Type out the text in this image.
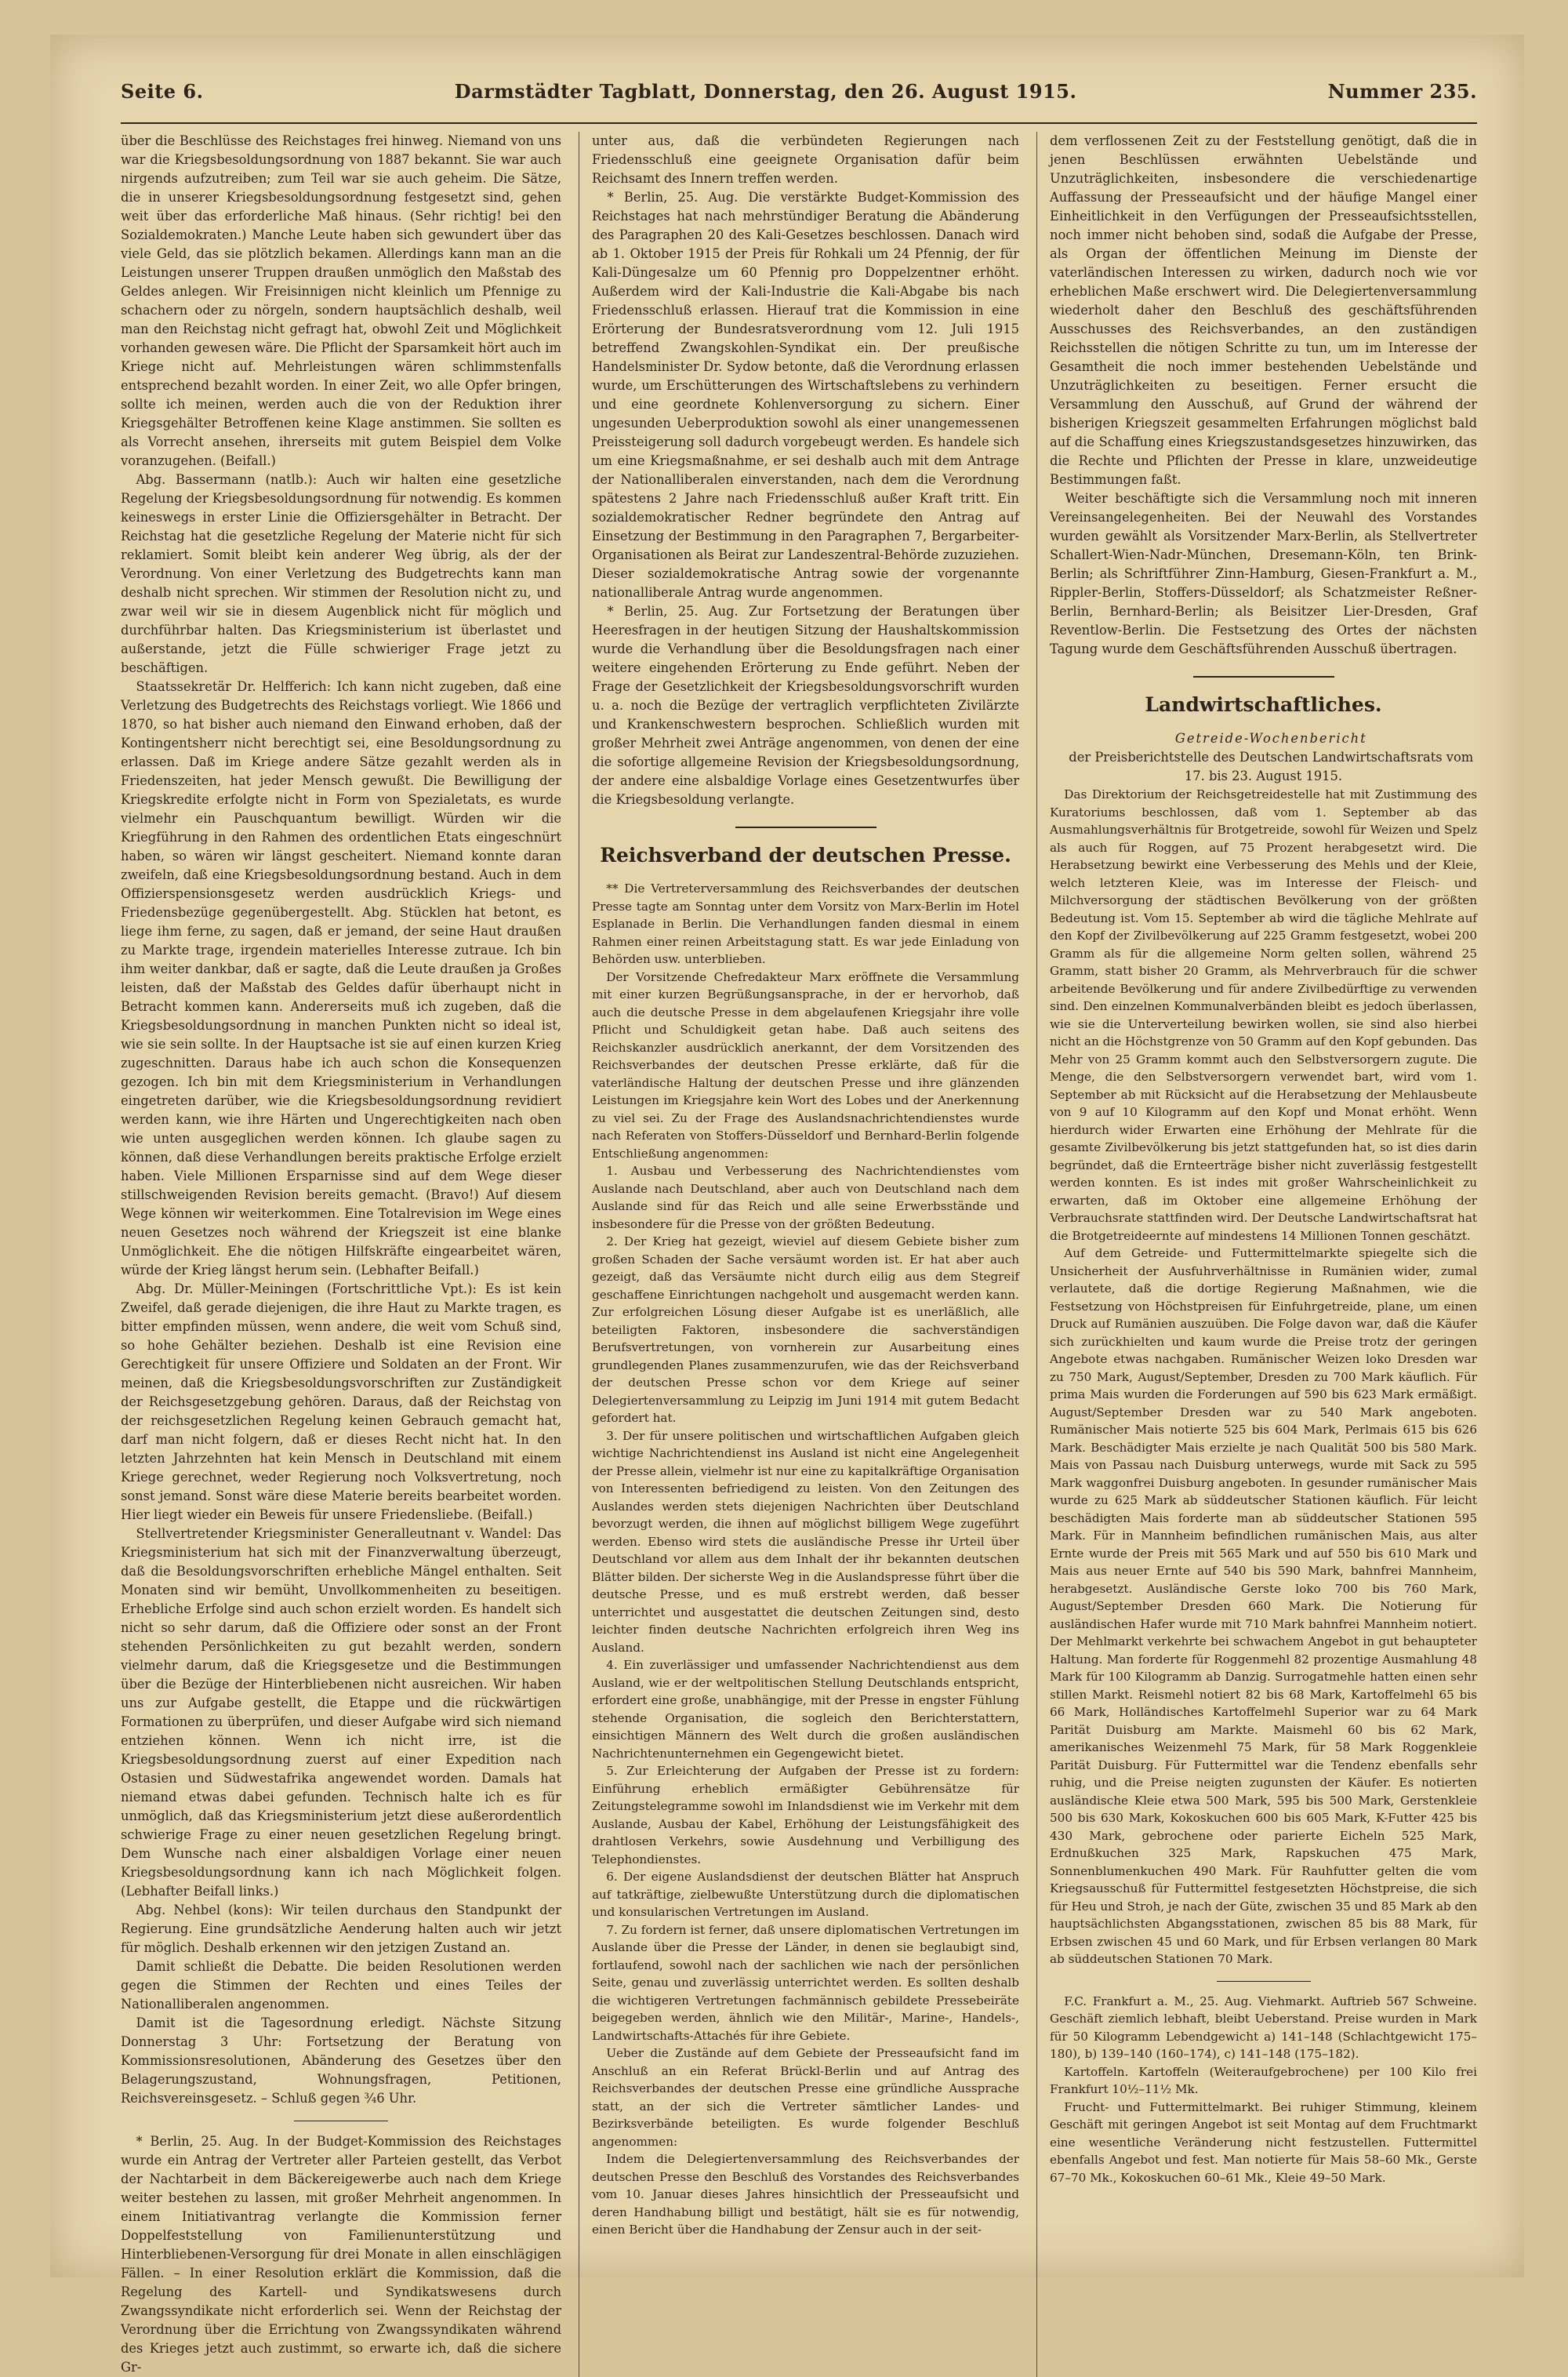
Seite 6.	Darmstädter Tagblatt, Donnerstag, den 26. August 1915.	Nummer 235.

über die Beschlüsse des Reichstages frei hinweg. Niemand von uns war die Kriegsbesoldungsordnung von 1887 bekannt. Sie war auch nirgends aufzutreiben; zum Teil war sie auch geheim. Die Sätze, die in unserer Kriegsbesoldungsordnung festgesetzt sind, gehen weit über das erforderliche Maß hinaus. (Sehr richtig! bei den Sozialdemokraten.) Manche Leute haben sich gewundert über das viele Geld, das sie plötzlich bekamen. Allerdings kann man an die Leistungen unserer Truppen draußen unmöglich den Maßstab des Geldes anlegen. Wir Freisinnigen nicht kleinlich um Pfennige zu schachern oder zu nörgeln, sondern hauptsächlich deshalb, weil man den Reichstag nicht gefragt hat, obwohl Zeit und Möglichkeit vorhanden gewesen wäre. Die Pflicht der Sparsamkeit hört auch im Kriege nicht auf. Mehrleistungen wären schlimmstenfalls entsprechend bezahlt worden. In einer Zeit, wo alle Opfer bringen, sollte ich meinen, werden auch die von der Reduktion ihrer Kriegsgehälter Betroffenen keine Klage anstimmen. Sie sollten es als Vorrecht ansehen, ihrerseits mit gutem Beispiel dem Volke voranzugehen. (Beifall.)

Abg. Bassermann (natlb.): Auch wir halten eine gesetzliche Regelung der Kriegsbesoldungsordnung für notwendig. Es kommen keineswegs in erster Linie die Offiziersgehälter in Betracht. Der Reichstag hat die gesetzliche Regelung der Materie nicht für sich reklamiert. Somit bleibt kein anderer Weg übrig, als der der Verordnung. Von einer Verletzung des Budgetrechts kann man deshalb nicht sprechen. Wir stimmen der Resolution nicht zu, und zwar weil wir sie in diesem Augenblick nicht für möglich und durchführbar halten. Das Kriegsministerium ist überlastet und außerstande, jetzt die Fülle schwieriger Frage jetzt zu beschäftigen.

Staatssekretär Dr. Helfferich: Ich kann nicht zugeben, daß eine Verletzung des Budgetrechts des Reichstags vorliegt. Wie 1866 und 1870, so hat bisher auch niemand den Einwand erhoben, daß der Kontingentsherr nicht berechtigt sei, eine Besoldungsordnung zu erlassen. Daß im Kriege andere Sätze gezahlt werden als in Friedenszeiten, hat jeder Mensch gewußt. Die Bewilligung der Kriegskredite erfolgte nicht in Form von Spezialetats, es wurde vielmehr ein Pauschquantum bewilligt. Würden wir die Kriegführung in den Rahmen des ordentlichen Etats eingeschnürt haben, so wären wir längst gescheitert. Niemand konnte daran zweifeln, daß eine Kriegsbesoldungsordnung bestand. Auch in dem Offizierspensionsgesetz werden ausdrücklich Kriegs- und Friedensbezüge gegenübergestellt. Abg. Stücklen hat betont, es liege ihm ferne, zu sagen, daß er jemand, der seine Haut draußen zu Markte trage, irgendein materielles Interesse zutraue. Ich bin ihm weiter dankbar, daß er sagte, daß die Leute draußen ja Großes leisten, daß der Maßstab des Geldes dafür überhaupt nicht in Betracht kommen kann. Andererseits muß ich zugeben, daß die Kriegsbesoldungsordnung in manchen Punkten nicht so ideal ist, wie sie sein sollte. In der Hauptsache ist sie auf einen kurzen Krieg zugeschnitten. Daraus habe ich auch schon die Konsequenzen gezogen. Ich bin mit dem Kriegsministerium in Verhandlungen eingetreten darüber, wie die Kriegsbesoldungsordnung revidiert werden kann, wie ihre Härten und Ungerechtigkeiten nach oben wie unten ausgeglichen werden können. Ich glaube sagen zu können, daß diese Verhandlungen bereits praktische Erfolge erzielt haben. Viele Millionen Ersparnisse sind auf dem Wege dieser stillschweigenden Revision bereits gemacht. (Bravo!) Auf diesem Wege können wir weiterkommen. Eine Totalrevision im Wege eines neuen Gesetzes noch während der Kriegszeit ist eine blanke Unmöglichkeit. Ehe die nötigen Hilfskräfte eingearbeitet wären, würde der Krieg längst herum sein. (Lebhafter Beifall.)

Abg. Dr. Müller-Meiningen (Fortschrittliche Vpt.): Es ist kein Zweifel, daß gerade diejenigen, die ihre Haut zu Markte tragen, es bitter empfinden müssen, wenn andere, die weit vom Schuß sind, so hohe Gehälter beziehen. Deshalb ist eine Revision eine Gerechtigkeit für unsere Offiziere und Soldaten an der Front. Wir meinen, daß die Kriegsbesoldungsvorschriften zur Zuständigkeit der Reichsgesetzgebung gehören. Daraus, daß der Reichstag von der reichsgesetzlichen Regelung keinen Gebrauch gemacht hat, darf man nicht folgern, daß er dieses Recht nicht hat. In den letzten Jahrzehnten hat kein Mensch in Deutschland mit einem Kriege gerechnet, weder Regierung noch Volksvertretung, noch sonst jemand. Sonst wäre diese Materie bereits bearbeitet worden. Hier liegt wieder ein Beweis für unsere Friedensliebe. (Beifall.)

Stellvertretender Kriegsminister Generalleutnant v. Wandel: Das Kriegsministerium hat sich mit der Finanzverwaltung überzeugt, daß die Besoldungsvorschriften erhebliche Mängel enthalten. Seit Monaten sind wir bemüht, Unvollkommenheiten zu beseitigen. Erhebliche Erfolge sind auch schon erzielt worden. Es handelt sich nicht so sehr darum, daß die Offiziere oder sonst an der Front stehenden Persönlichkeiten zu gut bezahlt werden, sondern vielmehr darum, daß die Kriegsgesetze und die Bestimmungen über die Bezüge der Hinterbliebenen nicht ausreichen. Wir haben uns zur Aufgabe gestellt, die Etappe und die rückwärtigen Formationen zu überprüfen, und dieser Aufgabe wird sich niemand entziehen können. Wenn ich nicht irre, ist die Kriegsbesoldungsordnung zuerst auf einer Expedition nach Ostasien und Südwestafrika angewendet worden. Damals hat niemand etwas dabei gefunden. Technisch halte ich es für unmöglich, daß das Kriegsministerium jetzt diese außerordentlich schwierige Frage zu einer neuen gesetzlichen Regelung bringt. Dem Wunsche nach einer alsbaldigen Vorlage einer neuen Kriegsbesoldungsordnung kann ich nach Möglichkeit folgen. (Lebhafter Beifall links.)

Abg. Nehbel (kons): Wir teilen durchaus den Standpunkt der Regierung. Eine grundsätzliche Aenderung halten auch wir jetzt für möglich. Deshalb erkennen wir den jetzigen Zustand an.

Damit schließt die Debatte. Die beiden Resolutionen werden gegen die Stimmen der Rechten und eines Teiles der Nationalliberalen angenommen.

Damit ist die Tagesordnung erledigt. Nächste Sitzung Donnerstag 3 Uhr: Fortsetzung der Beratung von Kommissionsresolutionen, Abänderung des Gesetzes über den Belagerungszustand, Wohnungsfragen, Petitionen, Reichsvereinsgesetz. – Schluß gegen ¾6 Uhr.

* Berlin, 25. Aug. In der Budget-Kommission des Reichstages wurde ein Antrag der Vertreter aller Parteien gestellt, das Verbot der Nachtarbeit in dem Bäckereigewerbe auch nach dem Kriege weiter bestehen zu lassen, mit großer Mehrheit angenommen. In einem Initiativantrag verlangte die Kommission ferner Doppelfeststellung von Familienunterstützung und Hinterbliebenen-Versorgung für drei Monate in allen einschlägigen Fällen. – In einer Resolution erklärt die Kommission, daß die Regelung des Kartell- und Syndikatswesens durch Zwangssyndikate nicht erforderlich sei. Wenn der Reichstag der Verordnung über die Errichtung von Zwangssyndikaten während des Krieges jetzt auch zustimmt, so erwarte ich, daß die sichere Gr-

unter aus, daß die verbündeten Regierungen nach Friedensschluß eine geeignete Organisation dafür beim Reichsamt des Innern treffen werden.

* Berlin, 25. Aug. Die verstärkte Budget-Kommission des Reichstages hat nach mehrstündiger Beratung die Abänderung des Paragraphen 20 des Kali-Gesetzes beschlossen. Danach wird ab 1. Oktober 1915 der Preis für Rohkali um 24 Pfennig, der für Kali-Düngesalze um 60 Pfennig pro Doppelzentner erhöht. Außerdem wird der Kali-Industrie die Kali-Abgabe bis nach Friedensschluß erlassen. Hierauf trat die Kommission in eine Erörterung der Bundesratsverordnung vom 12. Juli 1915 betreffend Zwangskohlen-Syndikat ein. Der preußische Handelsminister Dr. Sydow betonte, daß die Verordnung erlassen wurde, um Erschütterungen des Wirtschaftslebens zu verhindern und eine geordnete Kohlenversorgung zu sichern. Einer ungesunden Ueberproduktion sowohl als einer unangemessenen Preissteigerung soll dadurch vorgebeugt werden. Es handele sich um eine Kriegsmaßnahme, er sei deshalb auch mit dem Antrage der Nationalliberalen einverstanden, nach dem die Verordnung spätestens 2 Jahre nach Friedensschluß außer Kraft tritt. Ein sozialdemokratischer Redner begründete den Antrag auf Einsetzung der Bestimmung in den Paragraphen 7, Bergarbeiter-Organisationen als Beirat zur Landeszentral-Behörde zuzuziehen. Dieser sozialdemokratische Antrag sowie der vorgenannte nationalliberale Antrag wurde angenommen.

* Berlin, 25. Aug. Zur Fortsetzung der Beratungen über Heeresfragen in der heutigen Sitzung der Haushaltskommission wurde die Verhandlung über die Besoldungsfragen nach einer weitere eingehenden Erörterung zu Ende geführt. Neben der Frage der Gesetzlichkeit der Kriegsbesoldungsvorschrift wurden u. a. noch die Bezüge der vertraglich verpflichteten Zivilärzte und Krankenschwestern besprochen. Schließlich wurden mit großer Mehrheit zwei Anträge angenommen, von denen der eine die sofortige allgemeine Revision der Kriegsbesoldungsordnung, der andere eine alsbaldige Vorlage eines Gesetzentwurfes über die Kriegsbesoldung verlangte.

Reichsverband der deutschen Presse.

** Die Vertreterversammlung des Reichsverbandes der deutschen Presse tagte am Sonntag unter dem Vorsitz von Marx-Berlin im Hotel Esplanade in Berlin. Die Verhandlungen fanden diesmal in einem Rahmen einer reinen Arbeitstagung statt. Es war jede Einladung von Behörden usw. unterblieben.

Der Vorsitzende Chefredakteur Marx eröffnete die Versammlung mit einer kurzen Begrüßungsansprache, in der er hervorhob, daß auch die deutsche Presse in dem abgelaufenen Kriegsjahr ihre volle Pflicht und Schuldigkeit getan habe. Daß auch seitens des Reichskanzler ausdrücklich anerkannt, der dem Vorsitzenden des Reichsverbandes der deutschen Presse erklärte, daß für die vaterländische Haltung der deutschen Presse und ihre glänzenden Leistungen im Kriegsjahre kein Wort des Lobes und der Anerkennung zu viel sei. Zu der Frage des Auslandsnachrichtendienstes wurde nach Referaten von Stoffers-Düsseldorf und Bernhard-Berlin folgende Entschließung angenommen:

1. Ausbau und Verbesserung des Nachrichtendienstes vom Auslande nach Deutschland, aber auch von Deutschland nach dem Auslande sind für das Reich und alle seine Erwerbsstände und insbesondere für die Presse von der größten Bedeutung.

2. Der Krieg hat gezeigt, wieviel auf diesem Gebiete bisher zum großen Schaden der Sache versäumt worden ist. Er hat aber auch gezeigt, daß das Versäumte nicht durch eilig aus dem Stegreif geschaffene Einrichtungen nachgeholt und ausgemacht werden kann. Zur erfolgreichen Lösung dieser Aufgabe ist es unerläßlich, alle beteiligten Faktoren, insbesondere die sachverständigen Berufsvertretungen, von vornherein zur Ausarbeitung eines grundlegenden Planes zusammenzurufen, wie das der Reichsverband der deutschen Presse schon vor dem Kriege auf seiner Delegiertenversammlung zu Leipzig im Juni 1914 mit gutem Bedacht gefordert hat.

3. Der für unsere politischen und wirtschaftlichen Aufgaben gleich wichtige Nachrichtendienst ins Ausland ist nicht eine Angelegenheit der Presse allein, vielmehr ist nur eine zu kapitalkräftige Organisation von Interessenten befriedigend zu leisten. Von den Zeitungen des Auslandes werden stets diejenigen Nachrichten über Deutschland bevorzugt werden, die ihnen auf möglichst billigem Wege zugeführt werden. Ebenso wird stets die ausländische Presse ihr Urteil über Deutschland vor allem aus dem Inhalt der ihr bekannten deutschen Blätter bilden. Der sicherste Weg in die Auslandspresse führt über die deutsche Presse, und es muß erstrebt werden, daß besser unterrichtet und ausgestattet die deutschen Zeitungen sind, desto leichter finden deutsche Nachrichten erfolgreich ihren Weg ins Ausland.

4. Ein zuverlässiger und umfassender Nachrichtendienst aus dem Ausland, wie er der weltpolitischen Stellung Deutschlands entspricht, erfordert eine große, unabhängige, mit der Presse in engster Fühlung stehende Organisation, die sogleich den Berichterstattern, einsichtigen Männern des Welt durch die großen ausländischen Nachrichtenunternehmen ein Gegengewicht bietet.

5. Zur Erleichterung der Aufgaben der Presse ist zu fordern: Einführung erheblich ermäßigter Gebührensätze für Zeitungstelegramme sowohl im Inlandsdienst wie im Verkehr mit dem Auslande, Ausbau der Kabel, Erhöhung der Leistungsfähigkeit des drahtlosen Verkehrs, sowie Ausdehnung und Verbilligung des Telephondienstes.

6. Der eigene Auslandsdienst der deutschen Blätter hat Anspruch auf tatkräftige, zielbewußte Unterstützung durch die diplomatischen und konsularischen Vertretungen im Ausland.

7. Zu fordern ist ferner, daß unsere diplomatischen Vertretungen im Auslande über die Presse der Länder, in denen sie beglaubigt sind, fortlaufend, sowohl nach der sachlichen wie nach der persönlichen Seite, genau und zuverlässig unterrichtet werden. Es sollten deshalb die wichtigeren Vertretungen fachmännisch gebildete Pressebeiräte beigegeben werden, ähnlich wie den Militär-, Marine-, Handels-, Landwirtschafts-Attachés für ihre Gebiete.

Ueber die Zustände auf dem Gebiete der Presseaufsicht fand im Anschluß an ein Referat Brückl-Berlin und auf Antrag des Reichsverbandes der deutschen Presse eine gründliche Aussprache statt, an der sich die Vertreter sämtlicher Landes- und Bezirksverbände beteiligten. Es wurde folgender Beschluß angenommen:

Indem die Delegiertenversammlung des Reichsverbandes der deutschen Presse den Beschluß des Vorstandes des Reichsverbandes vom 10. Januar dieses Jahres hinsichtlich der Presseaufsicht und deren Handhabung billigt und bestätigt, hält sie es für notwendig, einen Bericht über die Handhabung der Zensur auch in der seit-

dem verflossenen Zeit zu der Feststellung genötigt, daß die in jenen Beschlüssen erwähnten Uebelstände und Unzuträglichkeiten, insbesondere die verschiedenartige Auffassung der Presseaufsicht und der häufige Mangel einer Einheitlichkeit in den Verfügungen der Presseaufsichtsstellen, noch immer nicht behoben sind, sodaß die Aufgabe der Presse, als Organ der öffentlichen Meinung im Dienste der vaterländischen Interessen zu wirken, dadurch noch wie vor erheblichen Maße erschwert wird. Die Delegiertenversammlung wiederholt daher den Beschluß des geschäftsführenden Ausschusses des Reichsverbandes, an den zuständigen Reichsstellen die nötigen Schritte zu tun, um im Interesse der Gesamtheit die noch immer bestehenden Uebelstände und Unzuträglichkeiten zu beseitigen. Ferner ersucht die Versammlung den Ausschuß, auf Grund der während der bisherigen Kriegszeit gesammelten Erfahrungen möglichst bald auf die Schaffung eines Kriegszustandsgesetzes hinzuwirken, das die Rechte und Pflichten der Presse in klare, unzweideutige Bestimmungen faßt.

Weiter beschäftigte sich die Versammlung noch mit inneren Vereinsangelegenheiten. Bei der Neuwahl des Vorstandes wurden gewählt als Vorsitzender Marx-Berlin, als Stellvertreter Schallert-Wien-Nadr-München, Dresemann-Köln, ten Brink-Berlin; als Schriftführer Zinn-Hamburg, Giesen-Frankfurt a. M., Rippler-Berlin, Stoffers-Düsseldorf; als Schatzmeister Reßner-Berlin, Bernhard-Berlin; als Beisitzer Lier-Dresden, Graf Reventlow-Berlin. Die Festsetzung des Ortes der nächsten Tagung wurde dem Geschäftsführenden Ausschuß übertragen.

Landwirtschaftliches.

Getreide-Wochenbericht

der Preisberichtstelle des Deutschen Landwirtschaftsrats vom 17. bis 23. August 1915.

Das Direktorium der Reichsgetreidestelle hat mit Zustimmung des Kuratoriums beschlossen, daß vom 1. September ab das Ausmahlungsverhältnis für Brotgetreide, sowohl für Weizen und Spelz als auch für Roggen, auf 75 Prozent herabgesetzt wird. Die Herabsetzung bewirkt eine Verbesserung des Mehls und der Kleie, welch letzteren Kleie, was im Interesse der Fleisch- und Milchversorgung der städtischen Bevölkerung von der größten Bedeutung ist. Vom 15. September ab wird die tägliche Mehlrate auf den Kopf der Zivilbevölkerung auf 225 Gramm festgesetzt, wobei 200 Gramm als für die allgemeine Norm gelten sollen, während 25 Gramm, statt bisher 20 Gramm, als Mehrverbrauch für die schwer arbeitende Bevölkerung und für andere Zivilbedürftige zu verwenden sind. Den einzelnen Kommunalverbänden bleibt es jedoch überlassen, wie sie die Unterverteilung bewirken wollen, sie sind also hierbei nicht an die Höchstgrenze von 50 Gramm auf den Kopf gebunden. Das Mehr von 25 Gramm kommt auch den Selbstversorgern zugute. Die Menge, die den Selbstversorgern verwendet bart, wird vom 1. September ab mit Rücksicht auf die Herabsetzung der Mehlausbeute von 9 auf 10 Kilogramm auf den Kopf und Monat erhöht. Wenn hierdurch wider Erwarten eine Erhöhung der Mehlrate für die gesamte Zivilbevölkerung bis jetzt stattgefunden hat, so ist dies darin begründet, daß die Ernteerträge bisher nicht zuverlässig festgestellt werden konnten. Es ist indes mit großer Wahrscheinlichkeit zu erwarten, daß im Oktober eine allgemeine Erhöhung der Verbrauchsrate stattfinden wird. Der Deutsche Landwirtschaftsrat hat die Brotgetreideernte auf mindestens 14 Millionen Tonnen geschätzt.

Auf dem Getreide- und Futtermittelmarkte spiegelte sich die Unsicherheit der Ausfuhrverhältnisse in Rumänien wider, zumal verlautete, daß die dortige Regierung Maßnahmen, wie die Festsetzung von Höchstpreisen für Einfuhrgetreide, plane, um einen Druck auf Rumänien auszuüben. Die Folge davon war, daß die Käufer sich zurückhielten und kaum wurde die Preise trotz der geringen Angebote etwas nachgaben. Rumänischer Weizen loko Dresden war zu 750 Mark, August/September, Dresden zu 700 Mark käuflich. Für prima Mais wurden die Forderungen auf 590 bis 623 Mark ermäßigt. August/September Dresden war zu 540 Mark angeboten. Rumänischer Mais notierte 525 bis 604 Mark, Perlmais 615 bis 626 Mark. Beschädigter Mais erzielte je nach Qualität 500 bis 580 Mark. Mais von Passau nach Duisburg unterwegs, wurde mit Sack zu 595 Mark waggonfrei Duisburg angeboten. In gesunder rumänischer Mais wurde zu 625 Mark ab süddeutscher Stationen käuflich. Für leicht beschädigten Mais forderte man ab süddeutscher Stationen 595 Mark. Für in Mannheim befindlichen rumänischen Mais, aus alter Ernte wurde der Preis mit 565 Mark und auf 550 bis 610 Mark und Mais aus neuer Ernte auf 540 bis 590 Mark, bahnfrei Mannheim, herabgesetzt. Ausländische Gerste loko 700 bis 760 Mark, August/September Dresden 660 Mark. Die Notierung für ausländischen Hafer wurde mit 710 Mark bahnfrei Mannheim notiert. Der Mehlmarkt verkehrte bei schwachem Angebot in gut behaupteter Haltung. Man forderte für Roggenmehl 82 prozentige Ausmahlung 48 Mark für 100 Kilogramm ab Danzig. Surrogatmehle hatten einen sehr stillen Markt. Reismehl notiert 82 bis 68 Mark, Kartoffelmehl 65 bis 66 Mark, Holländisches Kartoffelmehl Superior war zu 64 Mark Parität Duisburg am Markte. Maismehl 60 bis 62 Mark, amerikanisches Weizenmehl 75 Mark, für 58 Mark Roggenkleie Parität Duisburg. Für Futtermittel war die Tendenz ebenfalls sehr ruhig, und die Preise neigten zugunsten der Käufer. Es notierten ausländische Kleie etwa 500 Mark, 595 bis 500 Mark, Gerstenkleie 500 bis 630 Mark, Kokoskuchen 600 bis 605 Mark, K-Futter 425 bis 430 Mark, gebrochene oder parierte Eicheln 525 Mark, Erdnußkuchen 325 Mark, Rapskuchen 475 Mark, Sonnenblumenkuchen 490 Mark. Für Rauhfutter gelten die vom Kriegsausschuß für Futtermittel festgesetzten Höchstpreise, die sich für Heu und Stroh, je nach der Güte, zwischen 35 und 85 Mark ab den hauptsächlichsten Abgangsstationen, zwischen 85 bis 88 Mark, für Erbsen zwischen 45 und 60 Mark, und für Erbsen verlangen 80 Mark ab süddeutschen Stationen 70 Mark.

F.C. Frankfurt a. M., 25. Aug. Viehmarkt. Auftrieb 567 Schweine. Geschäft ziemlich lebhaft, bleibt Ueberstand. Preise wurden in Mark für 50 Kilogramm Lebendgewicht a) 141–148 (Schlachtgewicht 175–180), b) 139–140 (160–174), c) 141–148 (175–182).

Kartoffeln. Kartoffeln (Weiteraufgebrochene) per 100 Kilo frei Frankfurt 10½–11½ Mk.

Frucht- und Futtermittelmarkt. Bei ruhiger Stimmung, kleinem Geschäft mit geringen Angebot ist seit Montag auf dem Fruchtmarkt eine wesentliche Veränderung nicht festzustellen. Futtermittel ebenfalls Angebot und fest. Man notierte für Mais 58–60 Mk., Gerste 67–70 Mk., Kokoskuchen 60–61 Mk., Kleie 49–50 Mark.
